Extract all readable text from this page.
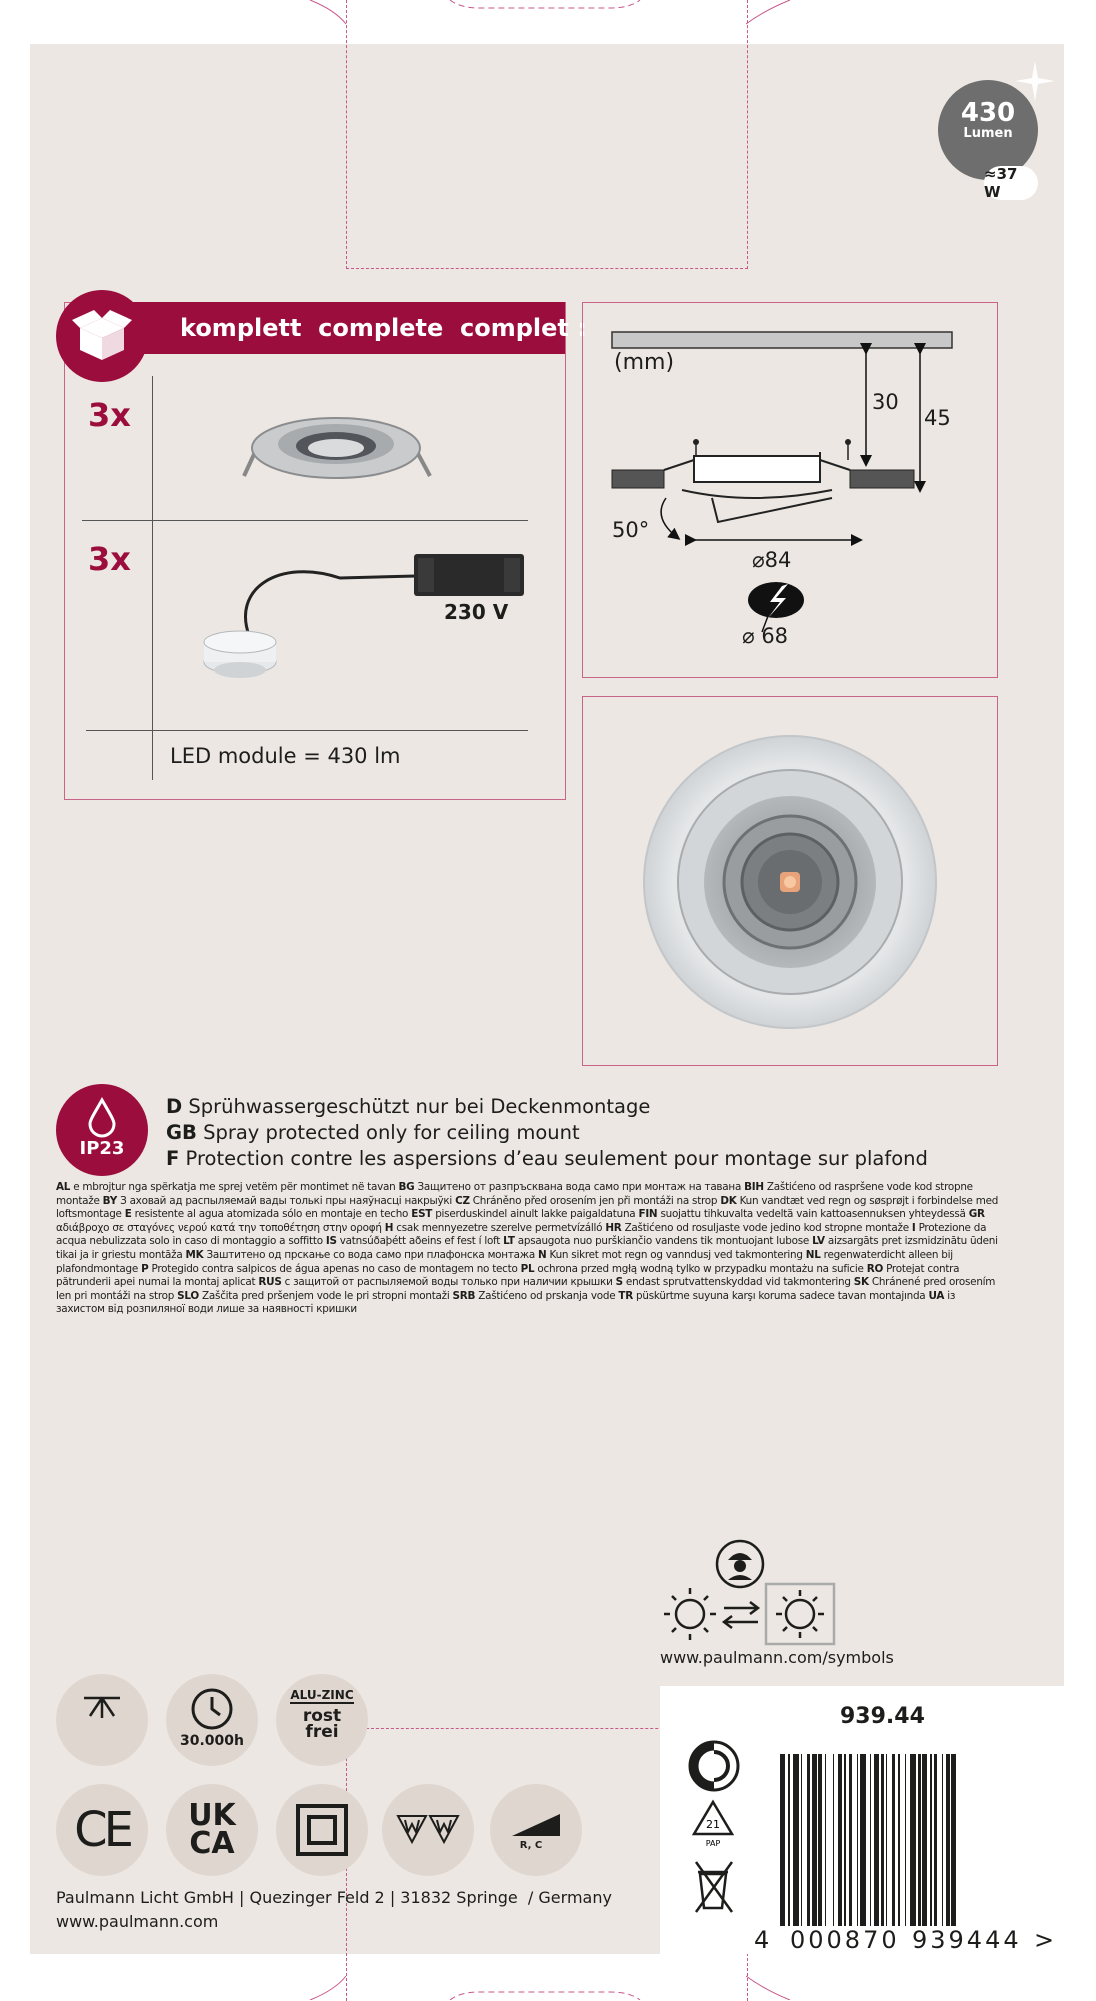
430
Lumen
≈37 W
komplett  complete  complet :
3x
3x
230 V
LED module = 430 lm
(mm)
30
45
50°
⌀84
⌀ 68
IP23
D Sprühwassergeschützt nur bei Deckenmontage
GB Spray protected only for ceiling mount
F Protection contre les aspersions d’eau seulement pour montage sur plafond
AL e mbrojtur nga spërkatja me sprej vetëm për montimet në tavan BG Защитено от разпръсквана вода само при монтаж на тавана BIH Zaštićeno od raspršene vode kod stropne montaže BY З аховай ад распыляемай вады толькі пры наяўнасці накрыўкі CZ Chráněno před orosením jen při montáži na strop DK Kun vandtæt ved regn og søsprøjt i forbindelse med loftsmontage E resistente al agua atomizada sólo en montaje en techo EST piserduskindel ainult lakke paigaldatuna FIN suojattu tihkuvalta vedeltä vain kattoasennuksen yhteydessä GR αδιάβροχο σε σταγόνες νερού κατά την τοποθέτηση στην οροφή H csak mennyezetre szerelve permetvízálló HR Zaštićeno od rosuljaste vode jedino kod stropne montaže I Protezione da acqua nebulizzata solo in caso di montaggio a soffitto IS vatnsúðaþétt aðeins ef fest í loft LT apsaugota nuo purškiančio vandens tik montuojant lubose LV aizsargāts pret izsmidzinātu ūdeni tikai ja ir griestu montāža MK Заштитено од прскање со вода само при плафонска монтажа N Kun sikret mot regn og vanndusj ved takmontering NL regenwaterdicht alleen bij plafondmontage P Protegido contra salpicos de água apenas no caso de montagem no tecto PL ochrona przed mgłą wodną tylko w przypadku montażu na suficie RO Protejat contra pătrunderii apei numai la montaj aplicat RUS с защитой от распыляемой воды только при наличии крышки S endast sprutvattenskyddad vid takmontering SK Chránené pred orosením len pri montáži na strop SLO Zaščita pred pršenjem vode le pri stropni montaži SRB Zaštićeno od prskanja vode TR püskürtme suyuna karşı koruma sadece tavan montajında UA із захистом від розпиляної води лише за наявності кришки
www.paulmann.com/symbols
939.44
21
PAP
4 000870 939444 >
30.000h
ALU-ZINC
rost
frei
CE UK
CA	R, C
Paulmann Licht GmbH | Quezinger Feld 2 | 31832 Springe  / Germany
www.paulmann.com
